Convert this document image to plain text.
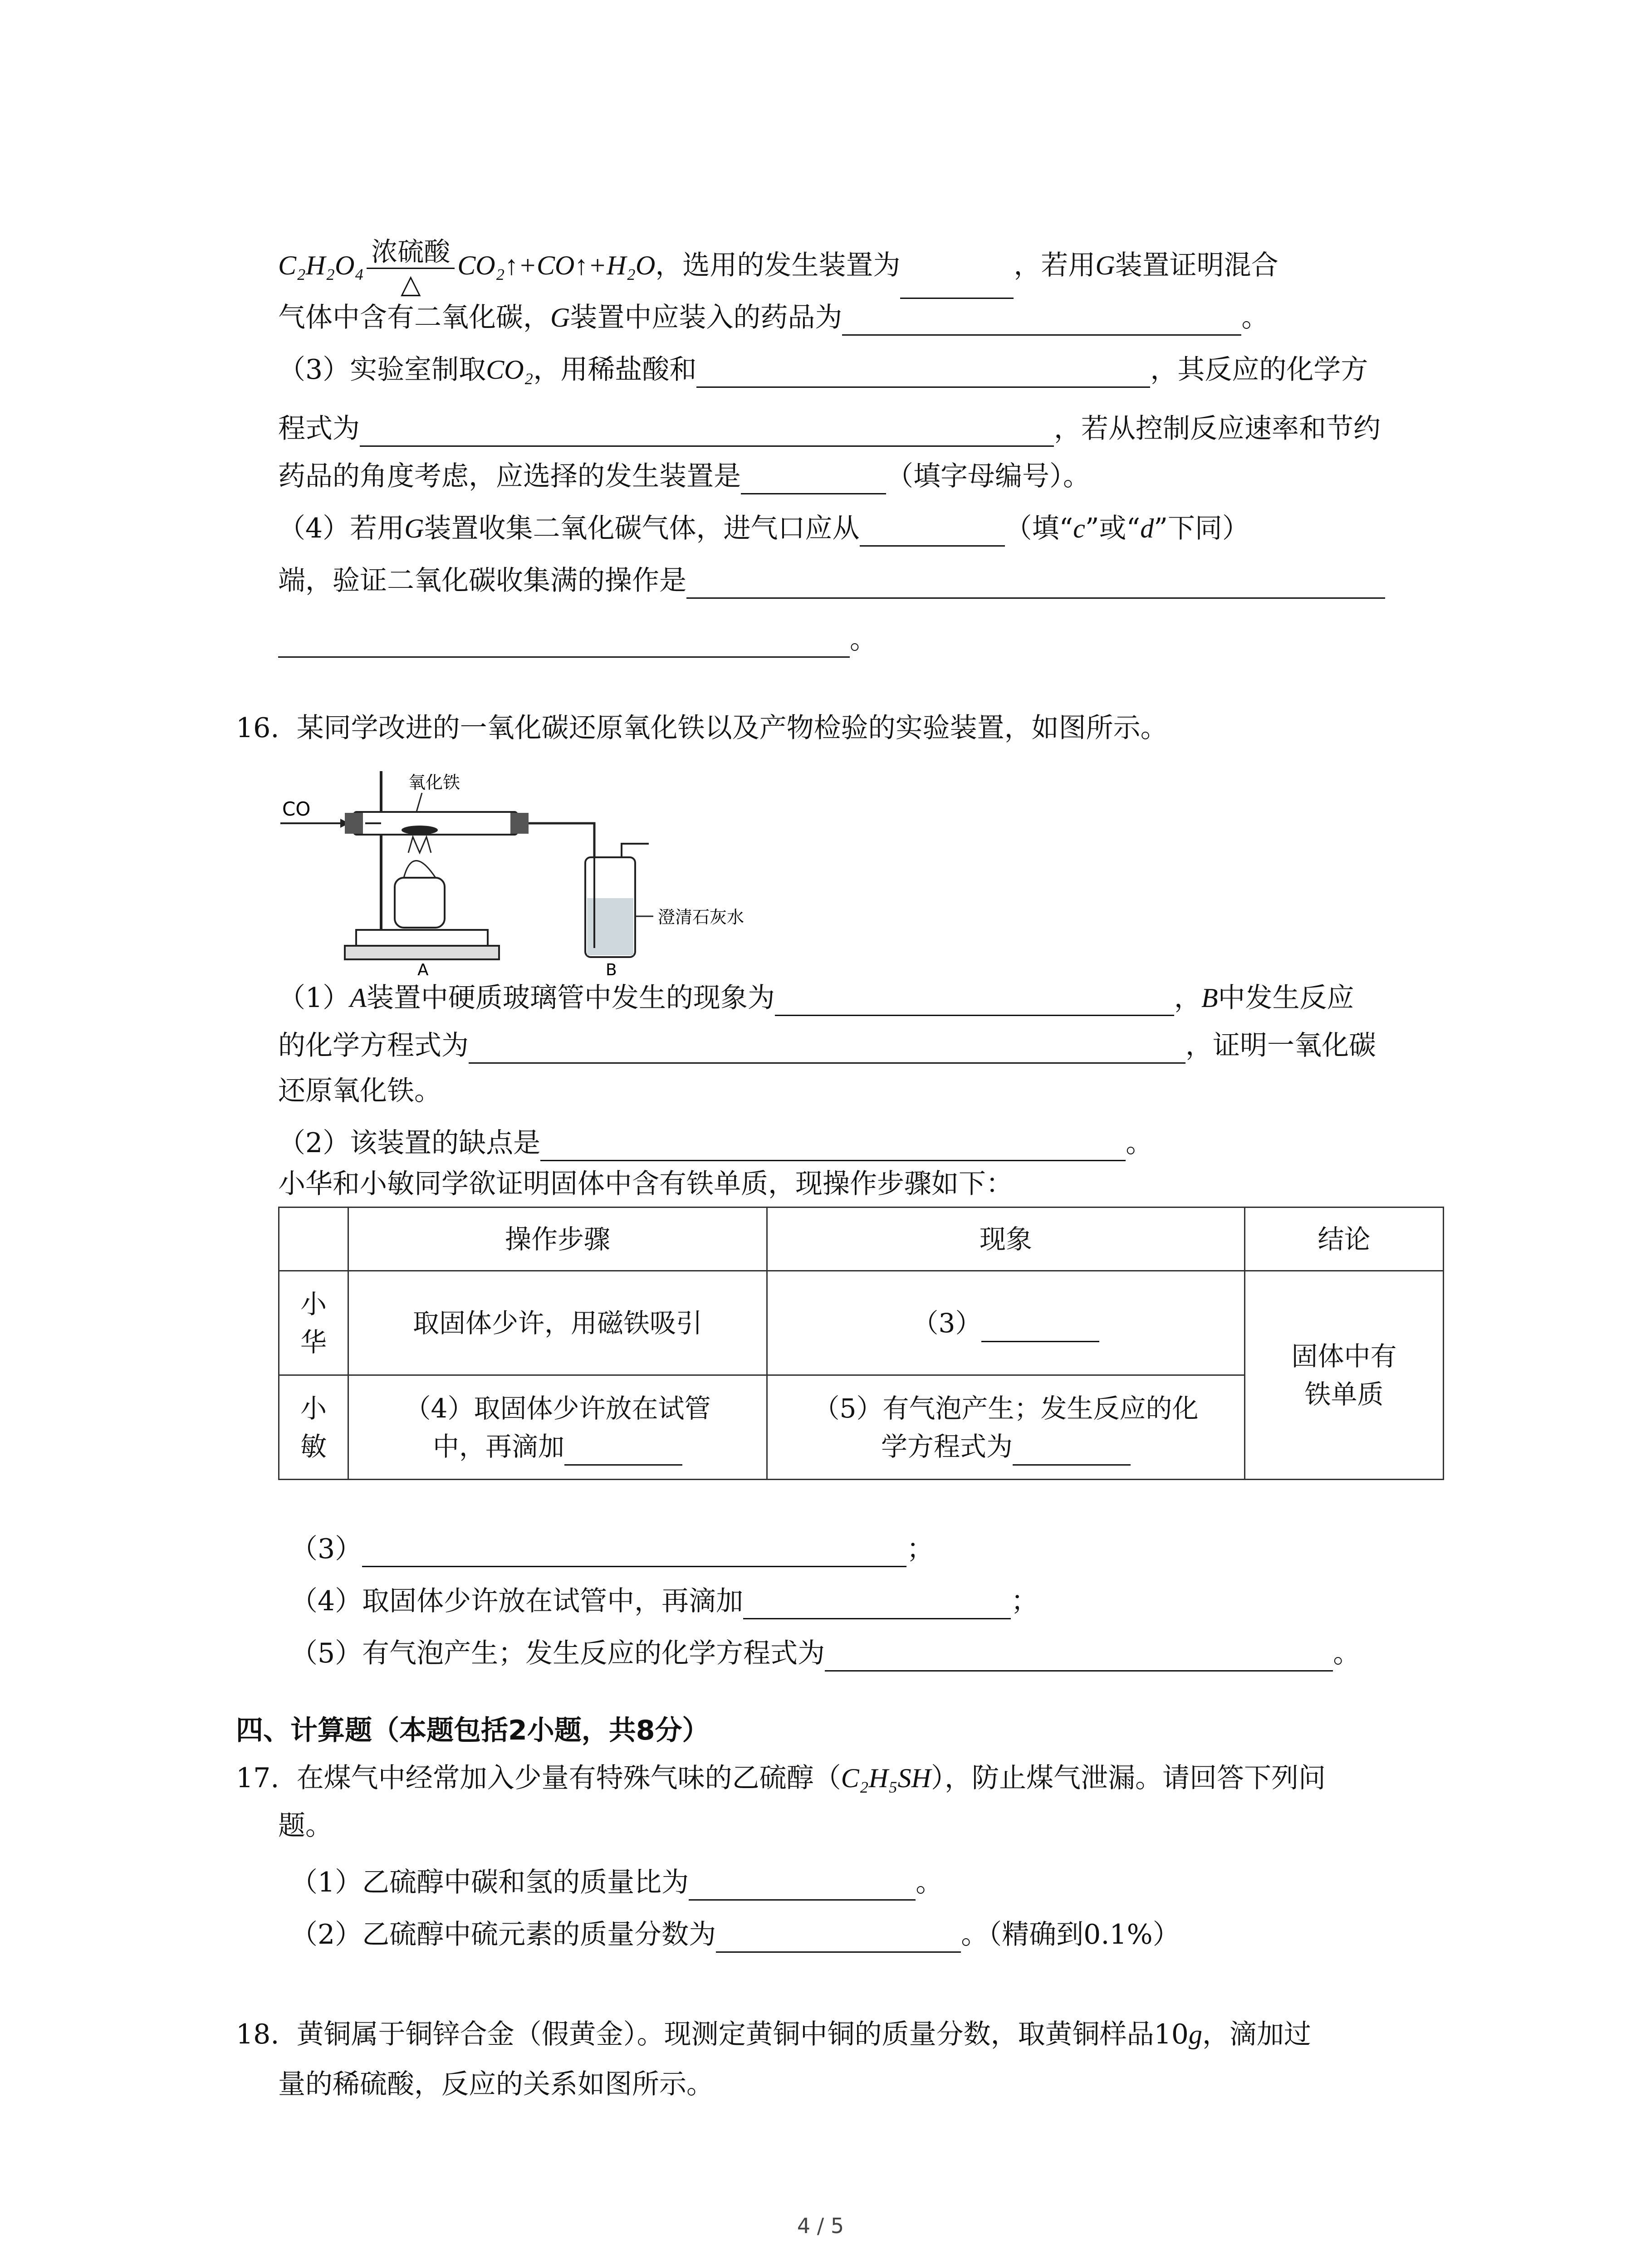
$C_2H_2O_4 \frac{\text{浓硫酸}}{\triangle}$ CO₂↑+CO↑+H₂O，选用的发生装置为	，若用G装置证明混合
气体中含有二氧化碳，G装置中应装入的药品为	。
（3）实验室制取CO₂，用稀盐酸和	，其反应的化学方
程式为	，若从控制反应速率和节约
药品的角度考虑，应选择的发生装置是	（填字母编号）。
（4）若用G装置收集二氧化碳气体，进气口应从	（填“c”或“d”下同）
端，验证二氧化碳收集满的操作是
。
16. 某同学改进的一氧化碳还原氧化铁以及产物检验的实验装置，如图所示。
CO
氧化铁
澄清石灰水
A	B
（1）A装置中硬质玻璃管中发生的现象为	，B中发生反应
的化学方程式为	，证明一氧化碳
还原氧化铁。
（2）该装置的缺点是	。
小华和小敏同学欲证明固体中含有铁单质，现操作步骤如下：
	操作步骤	现象	结论
小
华	取固体少许，用磁铁吸引	（3）	固体中有
铁单质
小
敏	（4）取固体少许放在试管
中，再滴加	（5）有气泡产生；发生反应的化
学方程式为	
（3）	；
（4）取固体少许放在试管中，再滴加	；
（5）有气泡产生；发生反应的化学方程式为	。
四、计算题（本题包括2小题，共8分）
17. 在煤气中经常加入少量有特殊气味的乙硫醇（C₂H₅SH），防止煤气泄漏。请回答下列问
题。
（1）乙硫醇中碳和氢的质量比为	。
（2）乙硫醇中硫元素的质量分数为	。（精确到0.1%）
18. 黄铜属于铜锌合金（假黄金）。现测定黄铜中铜的质量分数，取黄铜样品10g，滴加过
量的稀硫酸，反应的关系如图所示。
4 / 5
